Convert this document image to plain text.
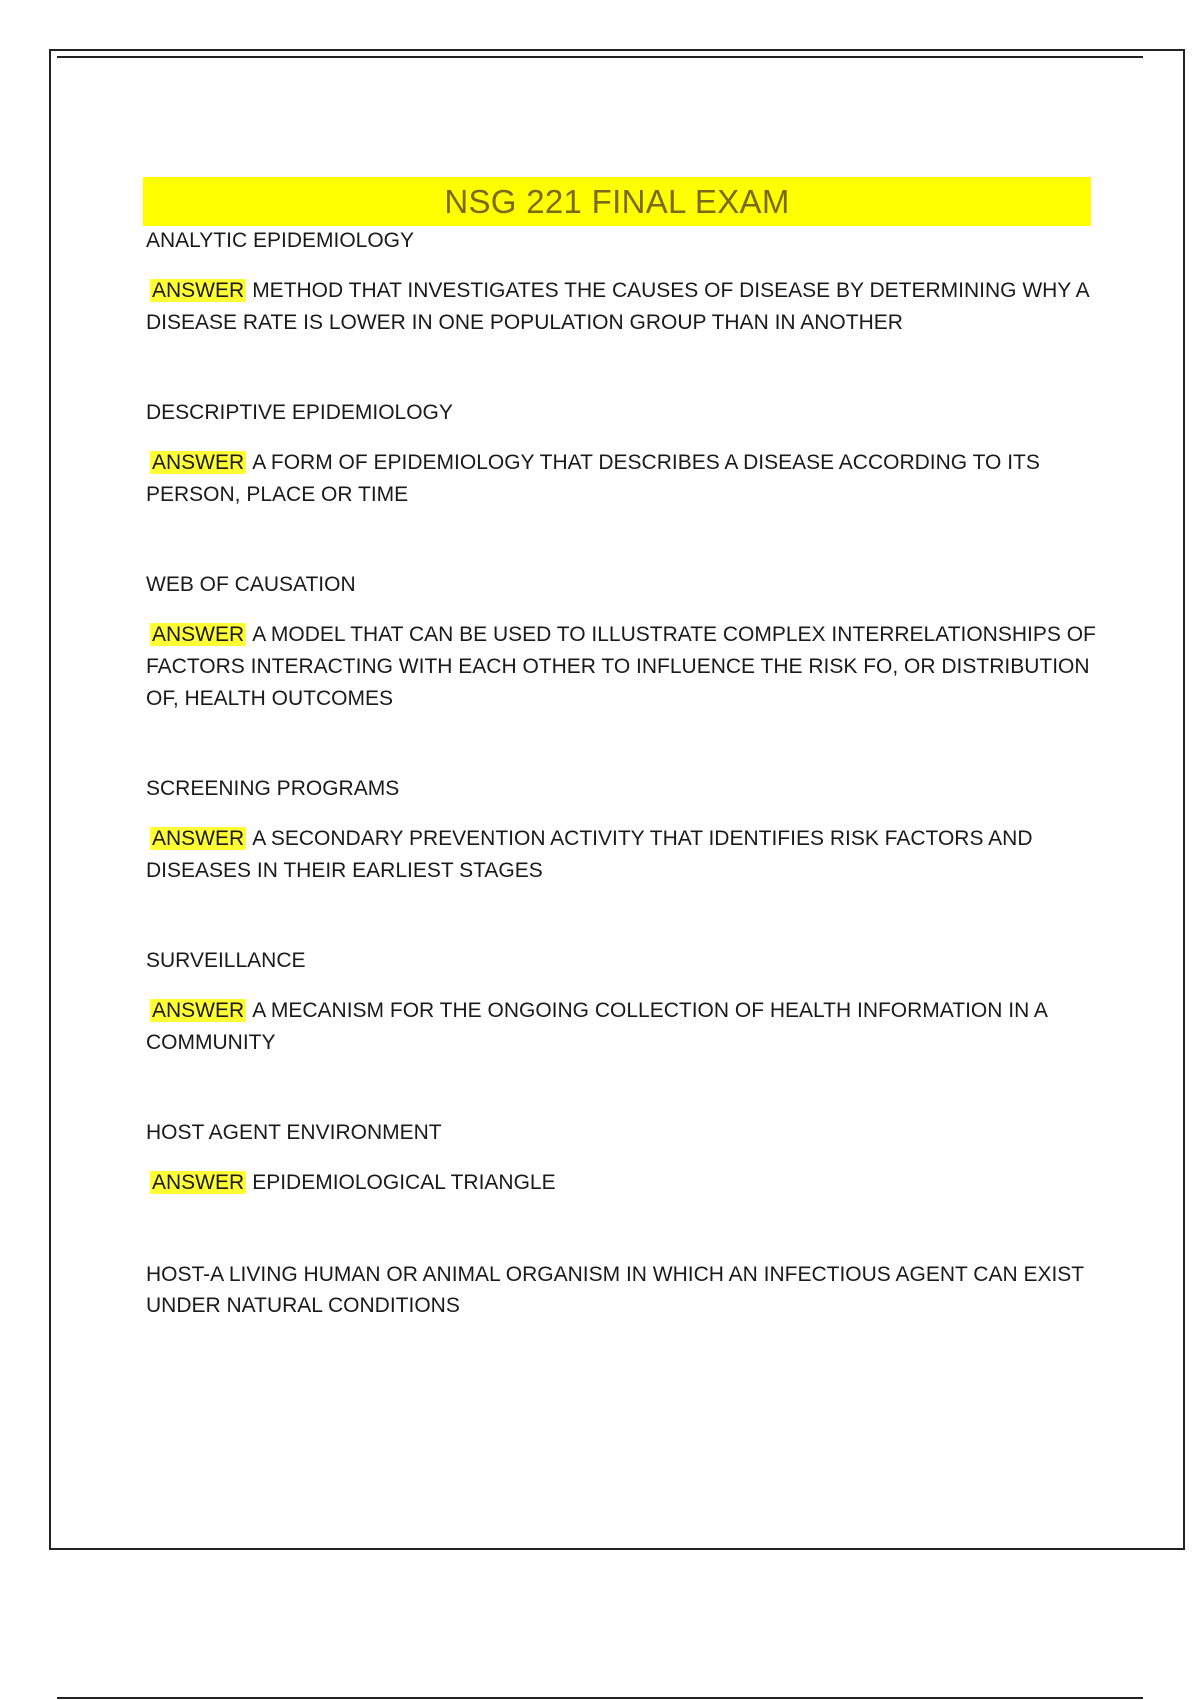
NSG 221 FINAL EXAM

ANALYTIC EPIDEMIOLOGY

ANSWER METHOD THAT INVESTIGATES THE CAUSES OF DISEASE BY DETERMINING WHY A DISEASE RATE IS LOWER IN ONE POPULATION GROUP THAN IN ANOTHER

DESCRIPTIVE EPIDEMIOLOGY

ANSWER A FORM OF EPIDEMIOLOGY THAT DESCRIBES A DISEASE ACCORDING TO ITS PERSON, PLACE OR TIME

WEB OF CAUSATION

ANSWER A MODEL THAT CAN BE USED TO ILLUSTRATE COMPLEX INTERRELATIONSHIPS OF FACTORS INTERACTING WITH EACH OTHER TO INFLUENCE THE RISK FO, OR DISTRIBUTION OF, HEALTH OUTCOMES

SCREENING PROGRAMS

ANSWER A SECONDARY PREVENTION ACTIVITY THAT IDENTIFIES RISK FACTORS AND DISEASES IN THEIR EARLIEST STAGES

SURVEILLANCE

ANSWER A MECANISM FOR THE ONGOING COLLECTION OF HEALTH INFORMATION IN A COMMUNITY

HOST AGENT ENVIRONMENT

ANSWER EPIDEMIOLOGICAL TRIANGLE

HOST-A LIVING HUMAN OR ANIMAL ORGANISM IN WHICH AN INFECTIOUS AGENT CAN EXIST UNDER NATURAL CONDITIONS
